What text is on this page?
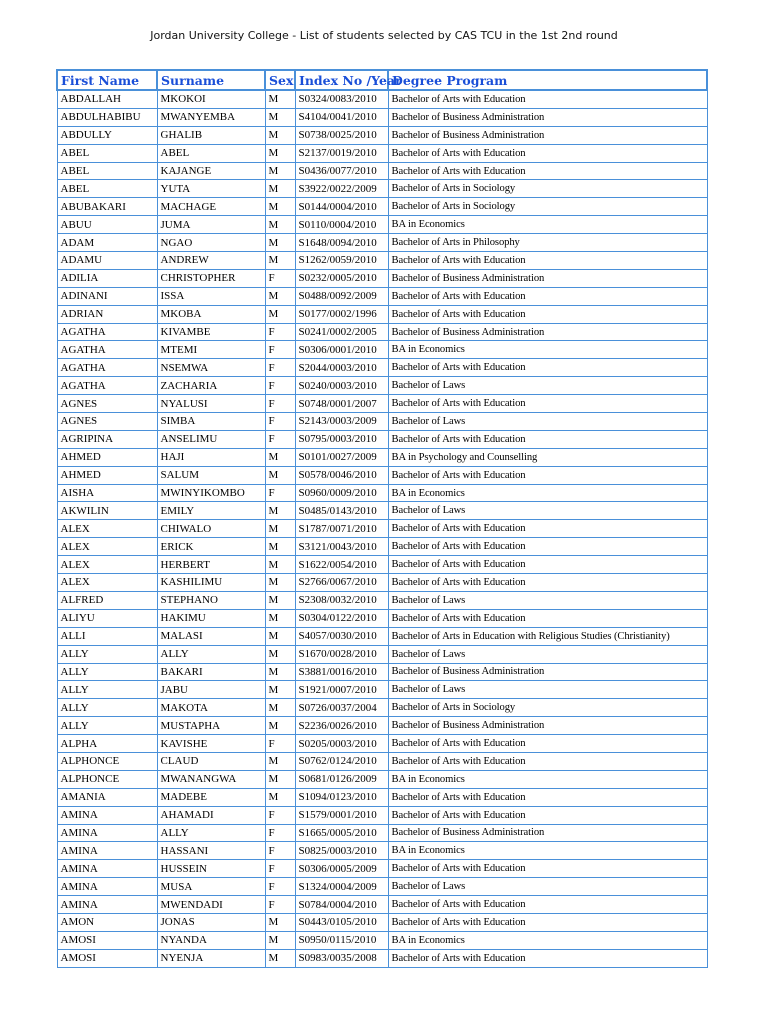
Jordan University College - List of students selected by CAS TCU in the 1st 2nd round
First Name	Surname	Sex	Index No /Year	Degree Program
ABDALLAH	MKOKOI	M	S0324/0083/2010	Bachelor of Arts with Education
ABDULHABIBU	MWANYEMBA	M	S4104/0041/2010	Bachelor of Business Administration
ABDULLY	GHALIB	M	S0738/0025/2010	Bachelor of Business Administration
ABEL	ABEL	M	S2137/0019/2010	Bachelor of Arts with Education
ABEL	KAJANGE	M	S0436/0077/2010	Bachelor of Arts with Education
ABEL	YUTA	M	S3922/0022/2009	Bachelor of Arts in Sociology
ABUBAKARI	MACHAGE	M	S0144/0004/2010	Bachelor of Arts in Sociology
ABUU	JUMA	M	S0110/0004/2010	BA in Economics
ADAM	NGAO	M	S1648/0094/2010	Bachelor of Arts in Philosophy
ADAMU	ANDREW	M	S1262/0059/2010	Bachelor of Arts with Education
ADILIA	CHRISTOPHER	F	S0232/0005/2010	Bachelor of Business Administration
ADINANI	ISSA	M	S0488/0092/2009	Bachelor of Arts with Education
ADRIAN	MKOBA	M	S0177/0002/1996	Bachelor of Arts with Education
AGATHA	KIVAMBE	F	S0241/0002/2005	Bachelor of Business Administration
AGATHA	MTEMI	F	S0306/0001/2010	BA in Economics
AGATHA	NSEMWA	F	S2044/0003/2010	Bachelor of Arts with Education
AGATHA	ZACHARIA	F	S0240/0003/2010	Bachelor of Laws
AGNES	NYALUSI	F	S0748/0001/2007	Bachelor of Arts with Education
AGNES	SIMBA	F	S2143/0003/2009	Bachelor of Laws
AGRIPINA	ANSELIMU	F	S0795/0003/2010	Bachelor of Arts with Education
AHMED	HAJI	M	S0101/0027/2009	BA in Psychology and Counselling
AHMED	SALUM	M	S0578/0046/2010	Bachelor of Arts with Education
AISHA	MWINYIKOMBO	F	S0960/0009/2010	BA in Economics
AKWILIN	EMILY	M	S0485/0143/2010	Bachelor of Laws
ALEX	CHIWALO	M	S1787/0071/2010	Bachelor of Arts with Education
ALEX	ERICK	M	S3121/0043/2010	Bachelor of Arts with Education
ALEX	HERBERT	M	S1622/0054/2010	Bachelor of Arts with Education
ALEX	KASHILIMU	M	S2766/0067/2010	Bachelor of Arts with Education
ALFRED	STEPHANO	M	S2308/0032/2010	Bachelor of Laws
ALIYU	HAKIMU	M	S0304/0122/2010	Bachelor of Arts with Education
ALLI	MALASI	M	S4057/0030/2010	Bachelor of Arts in Education with Religious Studies (Christianity)
ALLY	ALLY	M	S1670/0028/2010	Bachelor of Laws
ALLY	BAKARI	M	S3881/0016/2010	Bachelor of Business Administration
ALLY	JABU	M	S1921/0007/2010	Bachelor of Laws
ALLY	MAKOTA	M	S0726/0037/2004	Bachelor of Arts in Sociology
ALLY	MUSTAPHA	M	S2236/0026/2010	Bachelor of Business Administration
ALPHA	KAVISHE	F	S0205/0003/2010	Bachelor of Arts with Education
ALPHONCE	CLAUD	M	S0762/0124/2010	Bachelor of Arts with Education
ALPHONCE	MWANANGWA	M	S0681/0126/2009	BA in Economics
AMANIA	MADEBE	M	S1094/0123/2010	Bachelor of Arts with Education
AMINA	AHAMADI	F	S1579/0001/2010	Bachelor of Arts with Education
AMINA	ALLY	F	S1665/0005/2010	Bachelor of Business Administration
AMINA	HASSANI	F	S0825/0003/2010	BA in Economics
AMINA	HUSSEIN	F	S0306/0005/2009	Bachelor of Arts with Education
AMINA	MUSA	F	S1324/0004/2009	Bachelor of Laws
AMINA	MWENDADI	F	S0784/0004/2010	Bachelor of Arts with Education
AMON	JONAS	M	S0443/0105/2010	Bachelor of Arts with Education
AMOSI	NYANDA	M	S0950/0115/2010	BA in Economics
AMOSI	NYENJA	M	S0983/0035/2008	Bachelor of Arts with Education
